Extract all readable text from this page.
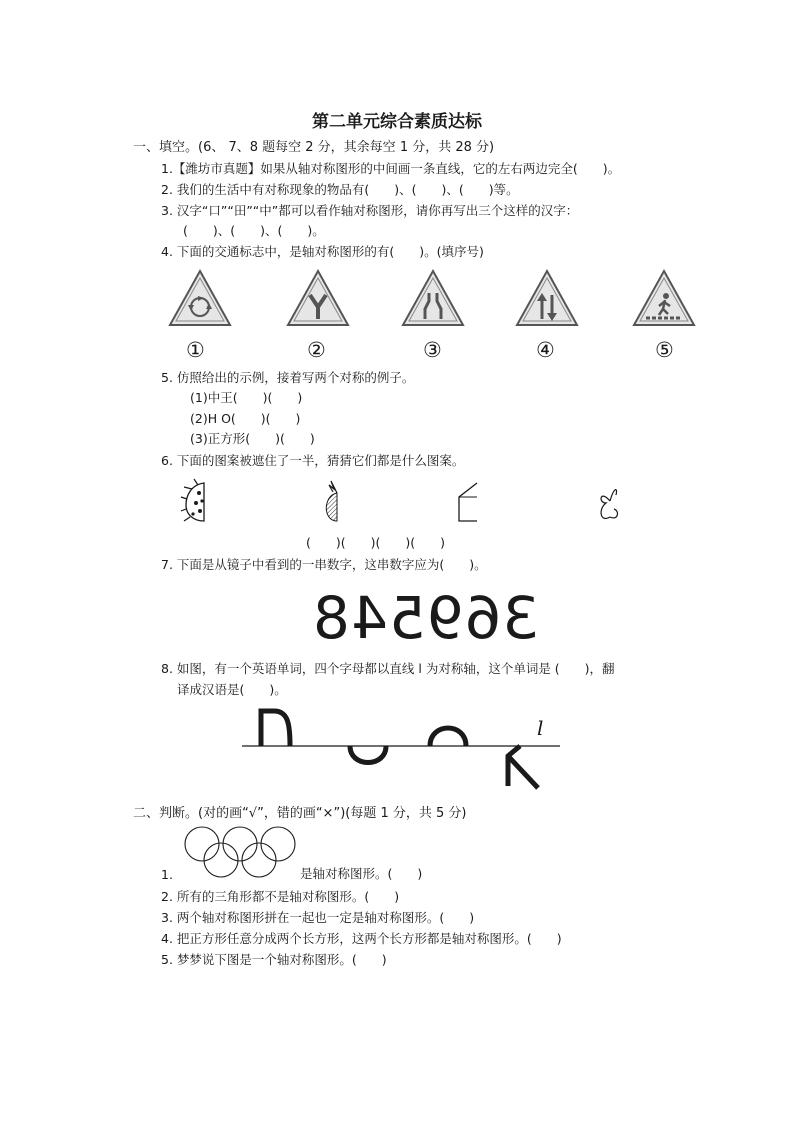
第二单元综合素质达标
一、填空。(6、 7、8 题每空 2 分，其余每空 1 分，共 28 分)
1.【潍坊市真题】如果从轴对称图形的中间画一条直线，它的左右两边完全(　　)。
2. 我们的生活中有对称现象的物品有(　　)、(　　)、(　　)等。
3. 汉字“口”“田”“中”都可以看作轴对称图形，请你再写出三个这样的汉字：
(　　)、(　　)、(　　)。
4. 下面的交通标志中，是轴对称图形的有(　　)。(填序号)
①	②	③	④	⑤
5. 仿照给出的示例，接着写两个对称的例子。
(1)中王(　　)(　　)
(2)H O(　　)(　　)
(3)正方形(　　)(　　)
6. 下面的图案被遮住了一半，猜猜它们都是什么图案。
(　　)(　　)(　　)(　　)
7. 下面是从镜子中看到的一串数字，这串数字应为(　　)。
369548
8. 如图，有一个英语单词，四个字母都以直线 l 为对称轴，这个单词是 (　　)，翻
译成汉语是(　　)。
l
二、判断。(对的画“√”，错的画“×”)(每题 1 分，共 5 分)
1.	是轴对称图形。(　　)
2. 所有的三角形都不是轴对称图形。(　　)
3. 两个轴对称图形拼在一起也一定是轴对称图形。(　　)
4. 把正方形任意分成两个长方形，这两个长方形都是轴对称图形。(　　)
5. 梦梦说下图是一个轴对称图形。(　　)
